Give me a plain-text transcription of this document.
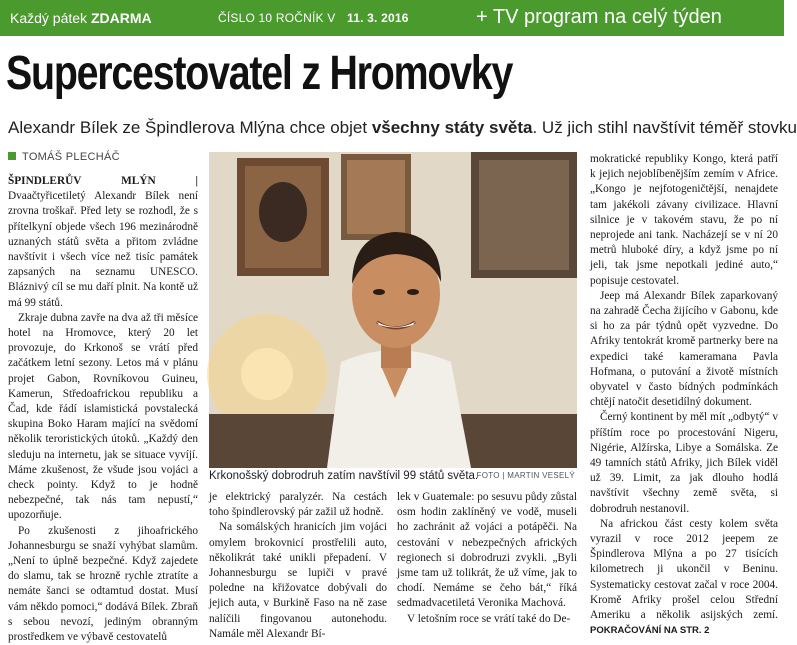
Každý pátek ZDARMA	ČÍSLO 10 ROČNÍK V 11. 3. 2016	+ TV program na celý týden
Supercestovatel z Hromovky
Alexandr Bílek ze Špindlerova Mlýna chce objet všechny státy světa. Už jich stihl navštívit téměř stovku
TOMÁŠ PLECHÁČ

ŠPINDLERŮV MLÝN | Dvaačtyřicetiletý Alexandr Bílek není zrovna troškař. Před lety se rozhodl, že s přítelkyní objede všech 196 mezinárodně uznaných států světa a přitom zvládne navštívit i všech více než tisíc památek zapsaných na seznamu UNESCO. Bláznivý cíl se mu daří plnit. Na kontě už má 99 států.

Zkraje dubna zavře na dva až tři měsíce hotel na Hromovce, který 20 let provozuje, do Krkonoš se vrátí před začátkem letní sezony. Letos má v plánu projet Gabon, Rovníkovou Guineu, Kamerun, Středoafrickou republiku a Čad, kde řádí islamistická povstalecká skupina Boko Haram mající na svědomí několik teroristických útoků. „Každý den sleduju na internetu, jak se situace vyvíjí. Máme zkušenost, že všude jsou vojáci a check pointy. Když to je hodně nebezpečné, tak nás tam nepustí,“ upozorňuje.

Po zkušenosti z jihoafrického Johannesburgu se snaží vyhýbat slamům. „Není to úplně bezpečné. Když zajedete do slamu, tak se hrozně rychle ztratíte a nemáte šanci se odtamtud dostat. Musí vám někdo pomoci,“ dodává Bílek. Zbraň s sebou nevozí, jediným obranným prostředkem ve výbavě cestovatelů

Krkonošský dobrodruh zatím navštívil 99 států světa.
FOTO | MARTIN VESELÝ

je elektrický paralyzér. Na cestách toho špindlerovský pár zažil už hodně.

Na somálských hranicích jim vojáci omylem brokovnicí prostřelili auto, několikrát také unikli přepadení. V Johannesburgu se lupiči v pravé poledne na křižovatce dobývali do jejich auta, v Burkině Faso na ně zase nalíčili fingovanou autonehodu. Namále měl Alexandr Bí-

lek v Guatemale: po sesuvu půdy zůstal osm hodin zaklíněný ve vodě, museli ho zachránit až vojáci a potápěči. Na cestování v nebezpečných afrických regionech si dobrodruzi zvykli. „Byli jsme tam už tolikrát, že už víme, jak to chodí. Nemáme se čeho bát,“ říká sedmadvacetiletá Veronika Machová.

V letošním roce se vrátí také do De-

mokratické republiky Kongo, která patří k jejich nejoblíbenějším zemím v Africe. „Kongo je nejfotogeničtější, nenajdete tam jakékoli závany civilizace. Hlavní silnice je v takovém stavu, že po ní neprojede ani tank. Nacházejí se v ní 20 metrů hluboké díry, a když jsme po ní jeli, tak jsme nepotkali jediné auto,“ popisuje cestovatel.

Jeep má Alexandr Bílek zaparkovaný na zahradě Čecha žijícího v Gabonu, kde si ho za pár týdnů opět vyzvedne. Do Afriky tentokrát kromě partnerky bere na expedici také kameramana Pavla Hofmana, o putování a životě místních obyvatel v často bídných podmínkách chtějí natočit desetidílný dokument.

Černý kontinent by měl mít „odbytý“ v příštím roce po procestování Nigeru, Nigérie, Alžírska, Libye a Somálska. Ze 49 tamních států Afriky, jich Bílek viděl už 39. Limit, za jak dlouho hodlá navštívit všechny země světa, si dobrodruh nestanovil.

Na africkou část cesty kolem světa vyrazil v roce 2012 jeepem ze Špindlerova Mlýna a po 27 tisících kilometrech ji ukončil v Beninu. Systematicky cestovat začal v roce 2004. Kromě Afriky prošel celou Střední Ameriku a několik asijských zemí. POKRAČOVÁNÍ NA STR. 2
